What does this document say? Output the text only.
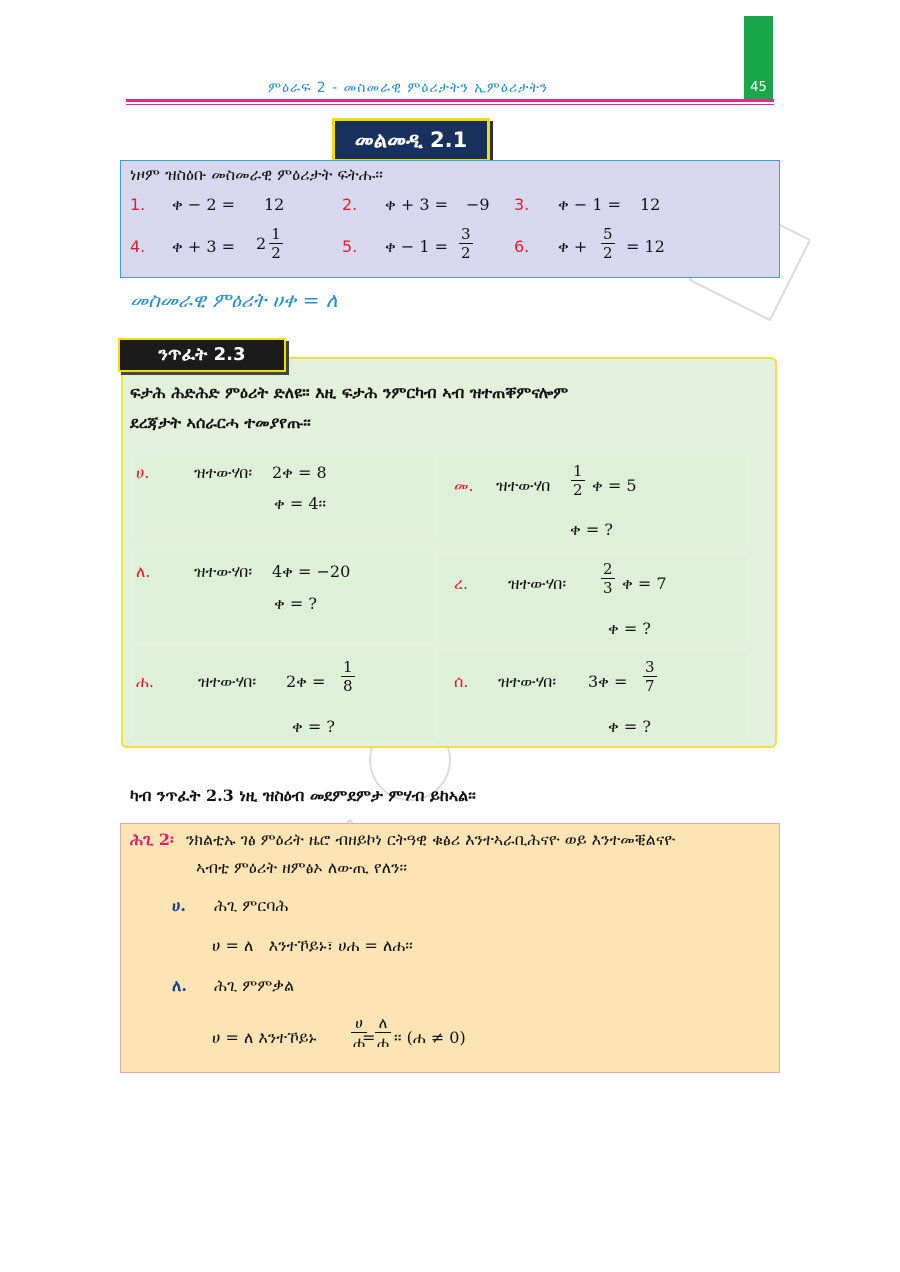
45
ምዕራፍ 2 - መስመራዊ ምዕሪታትን ኢምዕሪታትን
መልመዲ 2.1
ነዞም ዝስዕቡ መስመራዊ ምዕሪታት ፍትሑ፡፡
1. ቀ − 2 = 12	2. ቀ + 3 = −9 3. ቀ − 1 = 12
4. ቀ + $3 = 2 \frac{1}{2}$	5. ቀ − $1 = \frac{3}{2}$	6. ቀ + $\frac{5}{2} = 12$
መስመራዊ ምዕሪት ሀቀ = ለ
ንጥፈት 2.3
ፍታሕ ሕድሕድ ምዕሪት ድለዩ። እዚ ፍታሕ ንምርካብ ኣብ ዝተጠቐምናሎም
ደረጃታት ኣሰራርሓ ተመያየጡ፡፡
ሀ.	ዝተውሃበ፡ 2ቀ = 8
ቀ = 4፡፡
መ. ዝተውሃበ $\frac{1}{2}$ ቀ = 5
ቀ = ?
ለ.	ዝተውሃበ፡ 4ቀ = −20
ቀ = ?
ረ. ዝተውሃበ፡ $\frac{2}{3}$ ቀ = 7
ቀ = ?
ሐ.	ዝተውሃበ፡ 2ቀ = $\frac{1}{8}$
ቀ = ?
ሰ. ዝተውሃበ፡ 3ቀ = $\frac{3}{7}$
ቀ = ?
ካብ ንጥፈት 2.3 ነዚ ዝስዕብ መደምደምታ ምሃብ ይከኣል፡፡
ሕጊ 2፡ ንክልቲኡ ገፅ ምዕሪት ዜሮ ብዘይኮነ ርትዓዊ ቁፅሪ እንተኣራቢሕናዮ ወይ እንተመቒልናዮ
ኣብቲ ምዕሪት ዘምፅኦ ለውጢ የለን፡፡
ሀ. ሕጊ ምርባሕ
ሀ = ለ   እንተኾይኑ፣ ሀሐ = ለሐ፡፡
ለ. ሕጊ ምምቃል
ሀ = ለ እንተኾይኑ $\frac{\text{ሀ}}{\text{ሐ}}$
= $\frac{\text{ለ}}{\text{ሐ}}$ ፡፡ (ሐ ≠ 0)
